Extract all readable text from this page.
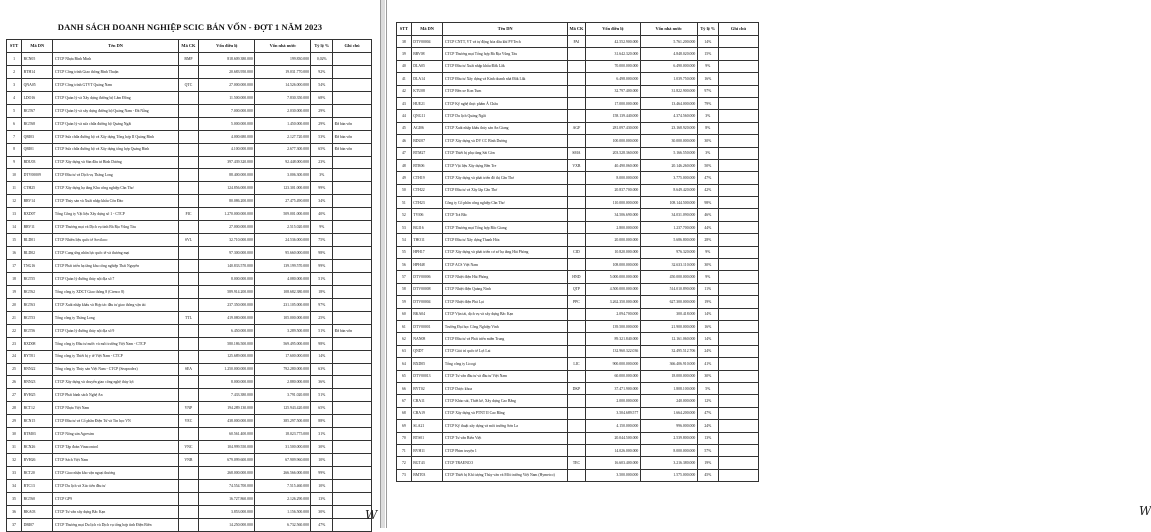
DANH SÁCH DOANH NGHIỆP SCIC BÁN VỐN - ĐỢT 1 NĂM 2023
STT	Mã DN	Tên DN	Mã CK	Vốn điều lệ	Vốn nhà nước	Tỷ lệ %	Ghi chú
1	BCN05	CTCP Nhựa Bình Minh	BMP	818.609.380.000	199.830.000	0,02%	
2	BTH14	CTCP Công trình Giao thông Bình Thuận		20.683.950.000	19.031.770.000	92%	
3	QNA05	CTCP Công trình GTVT Quảng Nam	QTC	27.000.000.000	14.526.000.000	54%	
4	LDO16	CTCP Quản lý và Xây dựng đường bộ Lâm Đồng		11.500.000.000	7.830.350.000	68%	
5	BGT67	CTCP Quản lý và xây dựng đường bộ Quảng Nam - Đà Nẵng		7.000.000.000	2.030.000.000	29%	
6	BGT68	CTCP Quản lý và sửa chữa đường bộ Quảng Ngãi		5.000.000.000	1.450.000.000	29%	Đã bán vốn
7	QBI03	CTCP Sửa chữa đường bộ và Xây dựng Tổng hợp II Quảng Bình		4.000.680.000	2.127.720.000	53%	Đã bán vốn
8	QBI01	CTCP Sửa chữa đường bộ và Xây dựng tổng hợp Quảng Bình		4.100.000.000	2.677.300.000	65%	Đã bán vốn
9	BDU03	CTCP Xây dựng và Sản đầu tư Bình Dương		397.439.320.000	92.448.000.000	23%	
10	DTV00009	CTCP Đầu tư và Dịch vụ Thăng Long		88.400.000.000	3.006.300.000	3%	
11	CTH25	CTCP Xây dựng hạ tầng Khu công nghiệp Cần Thơ		124.856.000.000	123.301.000.000	99%	
12	BRV14	CTCP Thủy sản và Xuất nhập khẩu Côn Đảo		80.086.200.000	27.475.490.000	34%	
13	BXD07	Tổng Công ty Vật liệu Xây dựng số 1 - CTCP	FIC	1.270.000.000.000	509.001.000.000	40%	
14	BRV11	CTCP Thương mại và Dịch vụ tỉnh Bà Rịa Vũng Tàu		27.000.000.000	2.515.020.000	9%	
15	BLD01	CTCP Nhiên liệu quốc tế Sovilaco	SVL	32.710.000.000	24.536.000.000	75%	
16	BLD02	CTCP Cung ứng nhân lực quốc tế và thương mại		97.300.000.000	95.660.000.000	98%	
17	TNG16	CTCP Phát triển hạ tầng khu công nghiệp Thái Nguyên		140.833.570.000	139.199.570.000	99%	
18	BGT55	CTCP Quản lý đường thủy nội địa số 7		8.000.000.000	4.080.000.000	51%	
19	BGT62	Tổng công ty XDCT Giao thông 8 (Cienco 8)		589.914.200.000	108.682.380.000	18%	
20	BGT63	CTCP Xuất nhập khẩu và Hợp tác đầu tư giao thông vận tải		237.350.000.000	231.105.000.000	97%	
21	BGT53	Tổng công ty Thăng Long	TTL	419.080.000.000	105.000.000.000	25%	
22	BGT56	CTCP Quản lý đường thủy nội địa số 9		6.450.000.000	3.289.500.000	51%	Đã bán vốn
23	BXD08	Tổng công ty Đầu tư nước và môi trường Việt Nam - CTCP		580.186.500.000	569.495.000.000	98%	
24	BYT01	Tổng công ty Thiết bị y tế Việt Nam - CTCP		125.689.000.000	17.600.000.000	14%	
25	BNN22	Tổng công ty Thủy sản Việt Nam - CTCP (Seaprodex)	SEA	1.250.000.000.000	792.280.000.000	63%	
26	BNN23	CTCP Xây dựng và chuyển giao công nghệ thủy lợi		8.000.000.000	2.880.000.000	36%	
27	BVH25	CTCP Phát hành sách Nghệ An		7.433.380.000	3.791.020.000	51%	
28	BCT12	CTCP Nhựa Việt Nam	VNP	194.289.130.000	125.943.420.000	65%	
29	BCN15	CTCP Đầu tư và Cổ phần Điện Tử và Tin học VN	VEC	438.000.000.000	385.297.500.000	88%	
30	BTM03	CTCP Nông sản Agrexim		60.561.400.000	18.023.775.000	31%	
31	BCN26	CTCP Tập đoàn Vinacontrol	VNC	104.999.550.000	31.500.000.000	30%	
32	BVH26	CTCP Sách Việt Nam	VNB	679.099.600.000	67.909.960.000	10%	
33	BCT20	CTCP Giao nhận kho vận ngoại thương		268.000.000.000	266.566.000.000	99%	
34	BTC13	CTCP Du lịch và Xúc tiến đầu tư		74.554.700.000	7.515.460.000	10%	
35	BGT60	CTCP GP9		16.727.860.000	2.126.290.000	13%	
36	BKA03	CTCP Tư vấn xây dựng Bắc Kạn		3.853.000.000	1.156.500.000	30%	
37	DBI07	CTCP Thương mại Du lịch và Dịch vụ tổng hợp tỉnh Điện Biên		14.250.000.000	6.732.560.000	47%	
W
STT	Mã DN	Tên DN	Mã CK	Vốn điều lệ	Vốn nhà nước	Tỷ lệ %	Ghi chú
38	DTV00004	CTCP CNTT, VT và tự động hóa dầu khí PVTech	PAI	42.552.900.000	5.761.200.000	14%	
39	BRV08	CTCP Thương mại Tổng hợp Bà Rịa Vũng Tàu		31.642.320.000	4.848.020.000	15%	
40	DLA05	CTCP Đầu tư Xuất nhập khẩu Đắk Lắk		70.000.000.000	6.490.000.000	9%	
41	DLA14	CTCP Đầu tư Xây dựng và Kinh doanh nhà Đắk Lắk		6.498.000.000	1.039.750.000	16%	
42	KTU08	CTCP Bến xe Kon Tum		32.797.400.000	31.822.900.000	97%	
43	HUE21	CTCP Kỹ nghệ thực phẩm Á Châu		17.000.000.000	13.464.000.000	79%	
44	QNG11	CTCP Du lịch Quảng Ngãi		158.139.440.000	4.374.560.000	3%	
45	AGI06	CTCP Xuất nhập khẩu thủy sản An Giang	AGF	281.097.430.000	23.168.920.000	8%	
46	BDU07	CTCP Xây dựng và DV CC Bình Dương		100.000.000.000	30.000.000.000	30%	
47	BTM27	CTCP Thiết bị phụ tùng Sài Gòn	SMA	203.528.360.000	5.166.550.000	3%	
48	BTR06	CTCP Vật liệu Xây dựng Bến Tre	VXB	40.490.060.000	20.146.260.000	50%	
49	CTH19	CTCP Xây dựng và phát triển đô thị Cần Thơ		8.000.000.000	3.775.000.000	47%	
50	CTH22	CTCP Đầu tư và Xây lắp Cần Thơ		20.837.700.000	8.649.420.000	42%	
51	CTH23	Công ty Cổ phần công nghiệp Cần Thơ		110.000.000.000	108.144.500.000	98%	
52	TVI06	CTCP Trà Bắc		34.506.690.000	34.031.090.000	46%	
53	BGI16	CTCP Thương mại Tổng hợp Bắc Giang		2.800.000.000	1.237.700.000	44%	
54	THO11	CTCP Đầu tư Xây dựng Thanh Hóa		20.000.000.000	5.686.800.000	28%	
55	HPH17	CTCP Xây dựng và phát triển cơ sở hạ tầng Hải Phòng	CID	10.820.000.000	976.320.000	9%	
56	HPH48	CTCP ACS Việt Nam		108.000.000.000	32.633.110.000	30%	
57	DTV00006	CTCP Nhiệt điện Hải Phòng	HND	5.000.000.000.000	450.000.000.000	9%	
58	DTV00008	CTCP Nhiệt điện Quảng Ninh	QTP	4.500.000.000.000	514.010.890.000	11%	
59	DTV00004	CTCP Nhiệt điện Phả Lại	PPC	3.262.350.000.000	627.300.000.000	19%	
60	BKA04	CTCP Vận tải, dịch vụ và xây dựng Bắc Kạn		2.094.700.000	300.418.000	14%	
61	DTV00001	Trường Đại học Công Nghiệp Vinh		139.500.000.000	21.900.000.000	16%	
62	NAN08	CTCP Đầu tư và Phát triển miền Trung		89.321.840.000	12.161.060.000	14%	
63	QND7	CTCP Giải trí quốc tế Lợi Lai		132.960.322.036	32.495.512.706	24%	
64	BXD05	Tổng công ty Licogi	LIC	900.000.000.000	366.406.910.000	41%	
65	DTV00013	CTCP Tư vấn đầu tư và đầu tư Việt Nam		60.000.000.000	18.000.000.000	30%	
66	BYT02	CTCP Dược khoa	DKP	37.471.900.000	1.808.100.000	5%	
67	CBA11	CTCP Khảo sát, Thiết kế, Xây dựng Cao Bằng		2.000.000.000	240.000.000	12%	
68	CBA19	CTCP Xây dựng và PTNT II Cao Bằng		3.504.689.577	1.664.200.000	47%	
69	SLA21	CTCP Kỹ thuật xây dựng và môi trường Sơn La		4.150.000.000	996.000.000	24%	
70	BTS01	CTCP Tư vấn Biển Việt		20.044.500.000	2.539.800.000	13%	
71	BVH11	CTCP Phim truyện 1		14.026.000.000	8.000.000.000	57%	
72	BGT43	CTCP TRAENCO	TEC	16.603.400.000	3.216.380.000	19%	
73	BMT03	CTCP Thiết bị Khí tượng Thủy văn và Môi trường Việt Nam (Hymetco)		3.500.000.000	1.575.000.000	45%	
W
